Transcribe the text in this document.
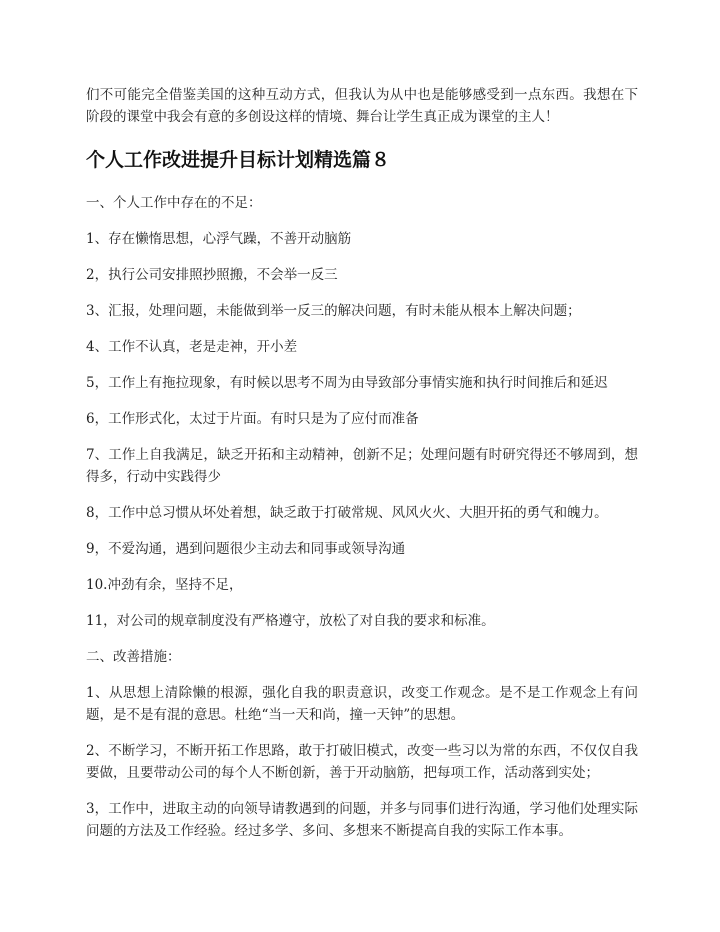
们不可能完全借鉴美国的这种互动方式，但我认为从中也是能够感受到一点东西。我想在下阶段的课堂中我会有意的多创设这样的情境、舞台让学生真正成为课堂的主人！

个人工作改进提升目标计划精选篇８

一、个人工作中存在的不足：

1、存在懒惰思想，心浮气躁，不善开动脑筋

2，执行公司安排照抄照搬，不会举一反三

3、汇报，处理问题，未能做到举一反三的解决问题，有时未能从根本上解决问题；

4、工作不认真，老是走神，开小差

5，工作上有拖拉现象，有时候以思考不周为由导致部分事情实施和执行时间推后和延迟

6，工作形式化，太过于片面。有时只是为了应付而准备

7、工作上自我满足，缺乏开拓和主动精神，创新不足；处理问题有时研究得还不够周到，想得多，行动中实践得少

8，工作中总习惯从坏处着想，缺乏敢于打破常规、风风火火、大胆开拓的勇气和魄力。

9，不爱沟通，遇到问题很少主动去和同事或领导沟通

10.冲劲有余，坚持不足，

11，对公司的规章制度没有严格遵守，放松了对自我的要求和标准。

二、改善措施：

1、从思想上清除懒的根源，强化自我的职责意识，改变工作观念。是不是工作观念上有问题，是不是有混的意思。杜绝“当一天和尚，撞一天钟”的思想。

2、不断学习，不断开拓工作思路，敢于打破旧模式，改变一些习以为常的东西，不仅仅自我要做，且要带动公司的每个人不断创新，善于开动脑筋，把每项工作，活动落到实处；

3，工作中，进取主动的向领导请教遇到的问题，并多与同事们进行沟通，学习他们处理实际问题的方法及工作经验。经过多学、多问、多想来不断提高自我的实际工作本事。
